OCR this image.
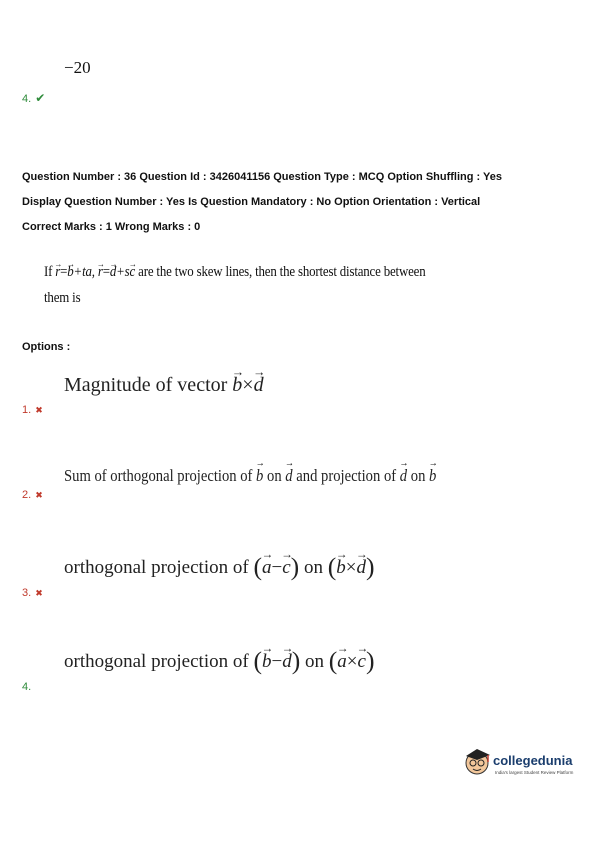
−20
4. ✔
Question Number : 36 Question Id : 3426041156 Question Type : MCQ Option Shuffling : Yes
Display Question Number : Yes Is Question Mandatory : No Option Orientation : Vertical
Correct Marks : 1 Wrong Marks : 0
If → r=→ b+ta, → r=→ d+s→ c are the two skew lines, then the shortest distance between
them is
Options :
Magnitude of vector → b×→ d
1. ✖
Sum of orthogonal projection of → b on → d and projection of → d on → b
2. ✖
orthogonal projection of (→ a−→ c) on (→ b×→ d)
3. ✖
orthogonal projection of (→ b−→ d) on (→ a×→ c)
4.
collegedunia
India's largest Student Review Platform
